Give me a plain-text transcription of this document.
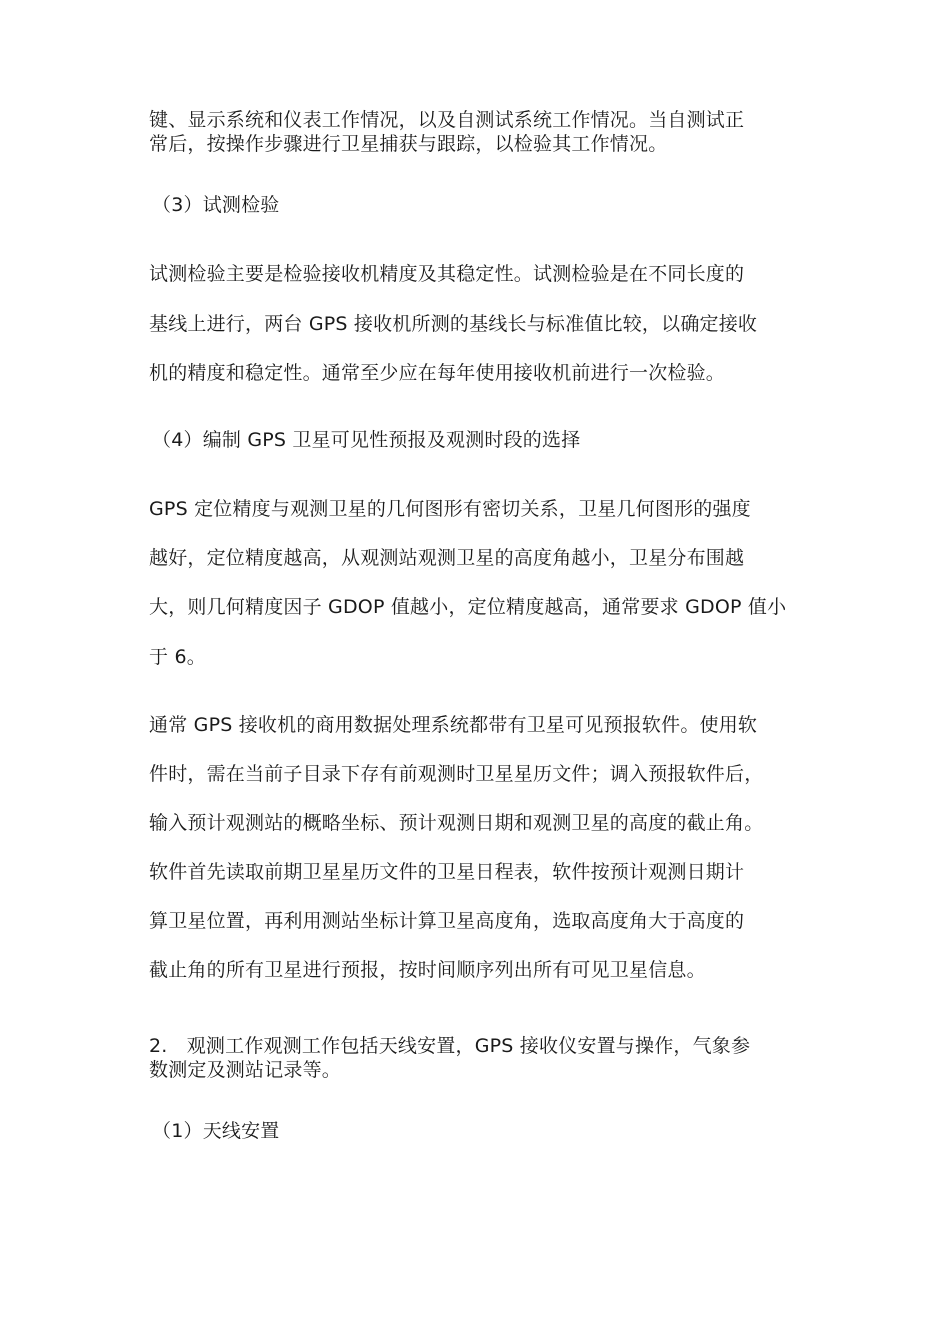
键、显示系统和仪表工作情况，以及自测试系统工作情况。当自测试正
常后，按操作步骤进行卫星捕获与跟踪，以检验其工作情况。
（3）试测检验
试测检验主要是检验接收机精度及其稳定性。试测检验是在不同长度的
基线上进行，两台 GPS 接收机所测的基线长与标准值比较，以确定接收
机的精度和稳定性。通常至少应在每年使用接收机前进行一次检验。
（4）编制 GPS 卫星可见性预报及观测时段的选择
GPS 定位精度与观测卫星的几何图形有密切关系，卫星几何图形的强度
越好，定位精度越高，从观测站观测卫星的高度角越小，卫星分布围越
大，则几何精度因子 GDOP 值越小，定位精度越高，通常要求 GDOP 值小
于 6。
通常 GPS 接收机的商用数据处理系统都带有卫星可见预报软件。使用软
件时，需在当前子目录下存有前观测时卫星星历文件；调入预报软件后，
输入预计观测站的概略坐标、预计观测日期和观测卫星的高度的截止角。
软件首先读取前期卫星星历文件的卫星日程表，软件按预计观测日期计
算卫星位置，再利用测站坐标计算卫星高度角，选取高度角大于高度的
截止角的所有卫星进行预报，按时间顺序列出所有可见卫星信息。
2.　观测工作观测工作包括天线安置，GPS 接收仪安置与操作，气象参
数测定及测站记录等。
（1）天线安置
